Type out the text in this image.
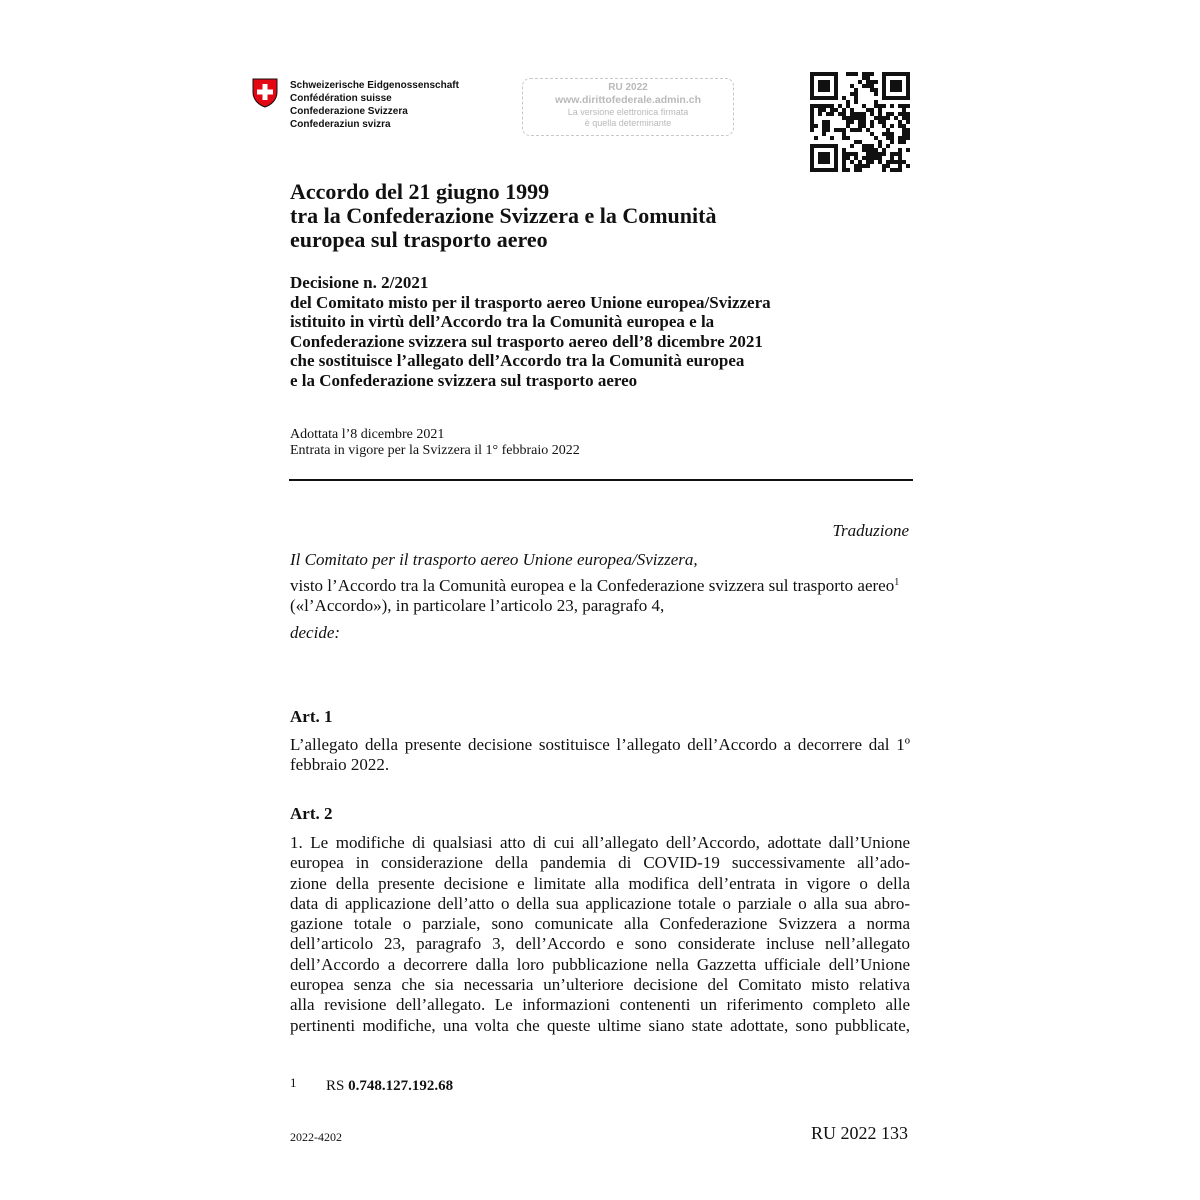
Schweizerische Eidgenossenschaft
Confédération suisse
Confederazione Svizzera
Confederaziun svizra
RU 2022
www.dirittofederale.admin.ch
La versione elettronica firmata
è quella determinante
Accordo del 21 giugno 1999
tra la Confederazione Svizzera e la Comunità
europea sul trasporto aereo
Decisione n. 2/2021
del Comitato misto per il trasporto aereo Unione europea/Svizzera
istituito in virtù dell’Accordo tra la Comunità europea e la
Confederazione svizzera sul trasporto aereo dell’8 dicembre 2021
che sostituisce l’allegato dell’Accordo tra la Comunità europea
e la Confederazione svizzera sul trasporto aereo
Adottata l’8 dicembre 2021
Entrata in vigore per la Svizzera il 1° febbraio 2022
Traduzione
Il Comitato per il trasporto aereo Unione europea/Svizzera,
visto l’Accordo tra la Comunità europea e la Confederazione svizzera sul trasporto aereo$^1$ («l’Accordo»), in particolare l’articolo 23, paragrafo 4,
decide:
Art. 1
L’allegato della presente decisione sostituisce l’allegato dell’Accordo a decorrere dal 1º febbraio 2022.
Art. 2
1. Le modifiche di qualsiasi atto di cui all’allegato dell’Accordo, adottate dall’Unione
europea in considerazione della pandemia di COVID-19 successivamente all’ado-
zione della presente decisione e limitate alla modifica dell’entrata in vigore o della
data di applicazione dell’atto o della sua applicazione totale o parziale o alla sua abro-
gazione totale o parziale, sono comunicate alla Confederazione Svizzera a norma
dell’articolo 23, paragrafo 3, dell’Accordo e sono considerate incluse nell’allegato
dell’Accordo a decorrere dalla loro pubblicazione nella Gazzetta ufficiale dell’Unione
europea senza che sia necessaria un’ulteriore decisione del Comitato misto relativa
alla revisione dell’allegato. Le informazioni contenenti un riferimento completo alle
pertinenti modifiche, una volta che queste ultime siano state adottate, sono pubblicate,
1 RS 0.748.127.192.68
2022-4202	RU 2022 133
